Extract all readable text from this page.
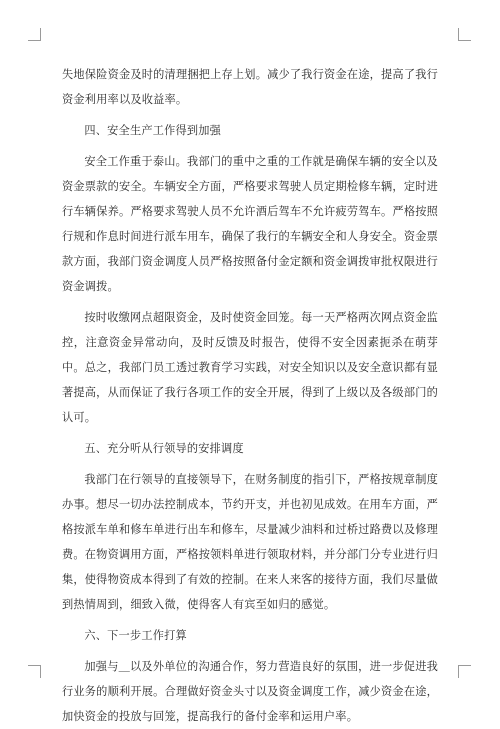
失地保险资金及时的清理捆把上存上划。减少了我行资金在途，提高了我行资金利用率以及收益率。

四、安全生产工作得到加强

安全工作重于泰山。我部门的重中之重的工作就是确保车辆的安全以及资金票款的安全。车辆安全方面，严格要求驾驶人员定期检修车辆，定时进行车辆保养。严格要求驾驶人员不允许酒后驾车不允许疲劳驾车。严格按照行规和作息时间进行派车用车，确保了我行的车辆安全和人身安全。资金票款方面，我部门资金调度人员严格按照备付金定额和资金调拨审批权限进行资金调拨。

按时收缴网点超限资金，及时使资金回笼。每一天严格两次网点资金监控，注意资金异常动向，及时反馈及时报告，使得不安全因素扼杀在萌芽中。总之，我部门员工透过教育学习实践，对安全知识以及安全意识都有显著提高，从而保证了我行各项工作的安全开展，得到了上级以及各级部门的认可。

五、充分听从行领导的安排调度

我部门在行领导的直接领导下，在财务制度的指引下，严格按规章制度办事。想尽一切办法控制成本，节约开支，并也初见成效。在用车方面，严格按派车单和修车单进行出车和修车，尽量减少油料和过桥过路费以及修理费。在物资调用方面，严格按领料单进行领取材料，并分部门分专业进行归集，使得物资成本得到了有效的控制。在来人来客的接待方面，我们尽量做到热情周到，细致入微，使得客人有宾至如归的感觉。

六、下一步工作打算

加强与＿以及外单位的沟通合作，努力营造良好的氛围，进一步促进我行业务的顺利开展。合理做好资金头寸以及资金调度工作，减少资金在途，加快资金的投放与回笼，提高我行的备付金率和运用户率。
